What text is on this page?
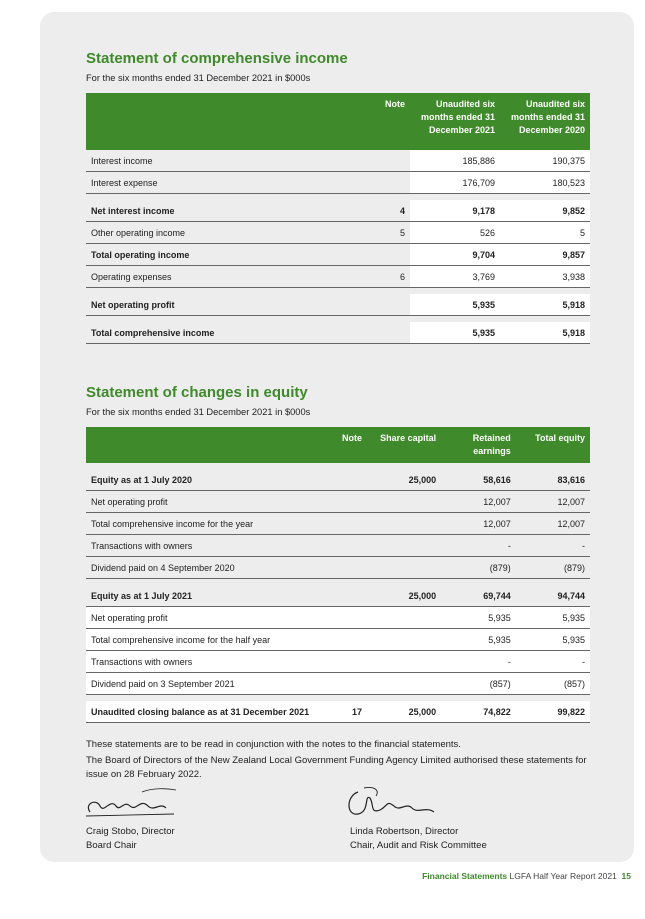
Statement of comprehensive income
For the six months ended 31 December 2021 in $000s
	Note	Unaudited six months ended 31 December 2021	Unaudited six months ended 31 December 2020
Interest income		185,886	190,375
Interest expense		176,709	180,523

Net interest income	4	9,178	9,852
Other operating income	5	526	5
Total operating income		9,704	9,857
Operating expenses	6	3,769	3,938

Net operating profit		5,935	5,918

Total comprehensive income		5,935	5,918
Statement of changes in equity
For the six months ended 31 December 2021 in $000s
	Note	Share capital	Retained earnings	Total equity

Equity as at 1 July 2020		25,000	58,616	83,616
Net operating profit			12,007	12,007
Total comprehensive income for the year			12,007	12,007
Transactions with owners			-	-
Dividend paid on 4 September 2020			(879)	(879)

Equity as at 1 July 2021		25,000	69,744	94,744
Net operating profit			5,935	5,935
Total comprehensive income for the half year			5,935	5,935
Transactions with owners			-	-
Dividend paid on 3 September 2021			(857)	(857)

Unaudited closing balance as at 31 December 2021	17	25,000	74,822	99,822
These statements are to be read in conjunction with the notes to the financial statements.
The Board of Directors of the New Zealand Local Government Funding Agency Limited authorised these statements for issue on 28 February 2022.
Craig Stobo, Director
Board Chair
Linda Robertson, Director
Chair, Audit and Risk Committee
Financial Statements LGFA Half Year Report 2021 15
